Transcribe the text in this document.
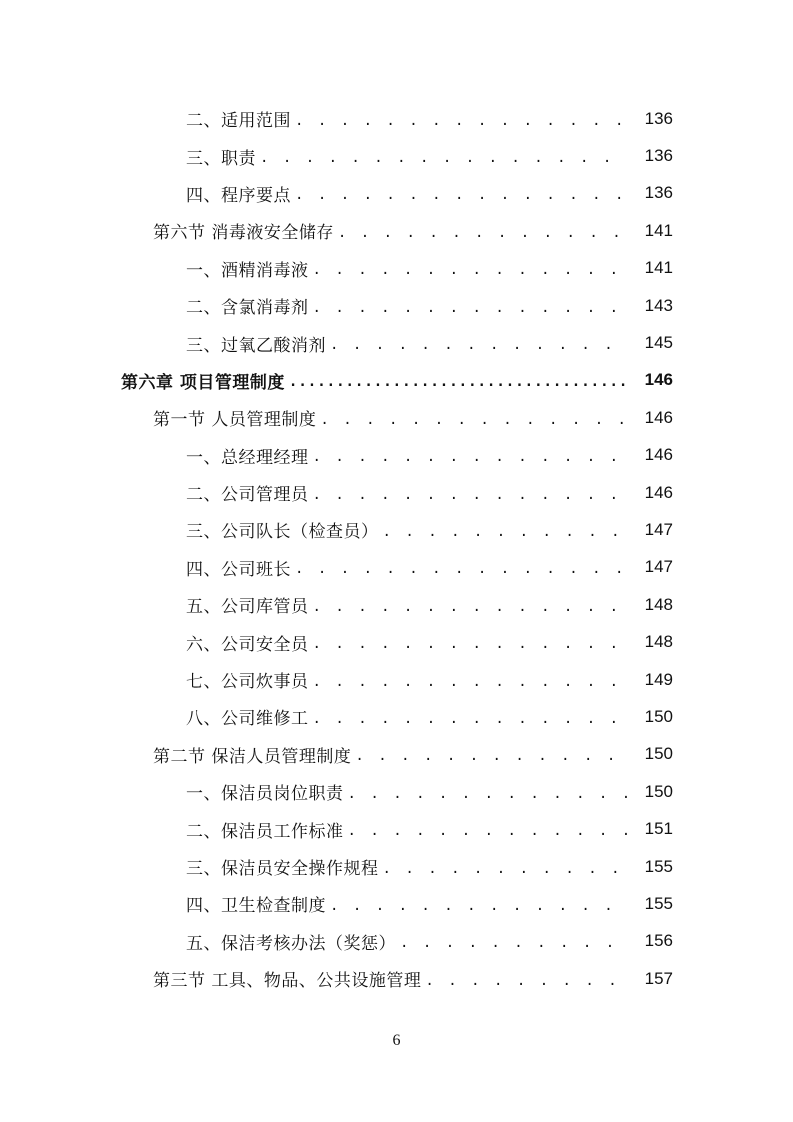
二、适用范围 . . .	136
三、职责 . . .	136
四、程序要点 . . .	136
第六节 消毒液安全储存 . . .	141
一、酒精消毒液 . . .	141
二、含氯消毒剂 . . .	143
三、过氧乙酸消剂 . . .	145
第六章 项目管理制度 .....	146
第一节 人员管理制度 . . .	146
一、总经理经理 . . .	146
二、公司管理员 . . .	146
三、公司队长（检查员） . . .	147
四、公司班长 . . .	147
五、公司库管员 . . .	148
六、公司安全员 . . .	148
七、公司炊事员 . . .	149
八、公司维修工 . . .	150
第二节 保洁人员管理制度 . . .	150
一、保洁员岗位职责 . . .	150
二、保洁员工作标准 . . .	151
三、保洁员安全操作规程 . . .	155
四、卫生检查制度 . . .	155
五、保洁考核办法（奖惩） . . .	156
第三节 工具、物品、公共设施管理 . . .	157
6
